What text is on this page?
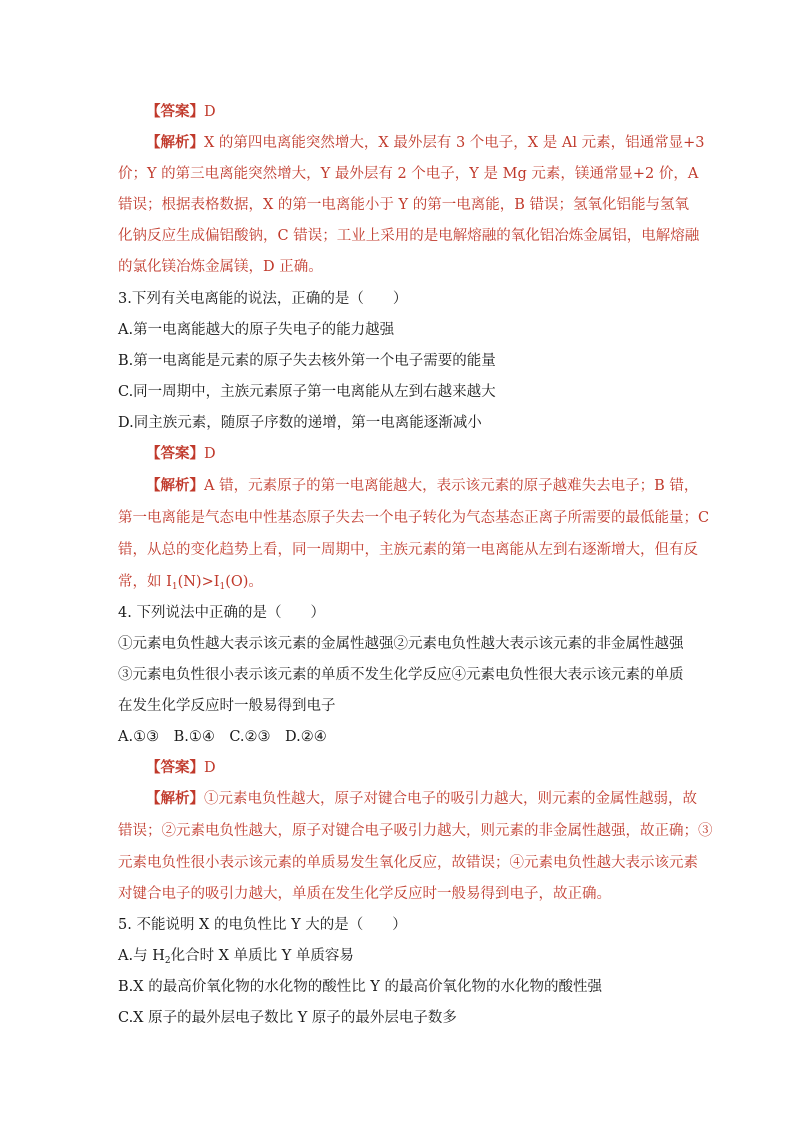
【答案】D
【解析】X 的第四电离能突然增大，X 最外层有 3 个电子，X 是 Al 元素，铝通常显+3
价；Y 的第三电离能突然增大，Y 最外层有 2 个电子，Y 是 Mg 元素，镁通常显+2 价，A
错误；根据表格数据，X 的第一电离能小于 Y 的第一电离能，B 错误；氢氧化铝能与氢氧
化钠反应生成偏铝酸钠，C 错误；工业上采用的是电解熔融的氧化铝冶炼金属铝，电解熔融
的氯化镁冶炼金属镁，D 正确。
3.下列有关电离能的说法，正确的是（　　）
A.第一电离能越大的原子失电子的能力越强
B.第一电离能是元素的原子失去核外第一个电子需要的能量
C.同一周期中，主族元素原子第一电离能从左到右越来越大
D.同主族元素，随原子序数的递增，第一电离能逐渐减小
【答案】D
【解析】A 错，元素原子的第一电离能越大，表示该元素的原子越难失去电子；B 错，
第一电离能是气态电中性基态原子失去一个电子转化为气态基态正离子所需要的最低能量；C
错，从总的变化趋势上看，同一周期中，主族元素的第一电离能从左到右逐渐增大，但有反
常，如 $I_1(N)>I_1(O)$。
4. 下列说法中正确的是（　　）
①元素电负性越大表示该元素的金属性越强②元素电负性越大表示该元素的非金属性越强
③元素电负性很小表示该元素的单质不发生化学反应④元素电负性很大表示该元素的单质
在发生化学反应时一般易得到电子
A.①③　B.①④　C.②③　D.②④
【答案】D
【解析】①元素电负性越大，原子对键合电子的吸引力越大，则元素的金属性越弱，故
错误；②元素电负性越大，原子对键合电子吸引力越大，则元素的非金属性越强，故正确；③
元素电负性很小表示该元素的单质易发生氧化反应，故错误；④元素电负性越大表示该元素
对键合电子的吸引力越大，单质在发生化学反应时一般易得到电子，故正确。
5. 不能说明 X 的电负性比 Y 大的是（　　）
A.与 $H_2$化合时 X 单质比 Y 单质容易
B.X 的最高价氧化物的水化物的酸性比 Y 的最高价氧化物的水化物的酸性强
C.X 原子的最外层电子数比 Y 原子的最外层电子数多
